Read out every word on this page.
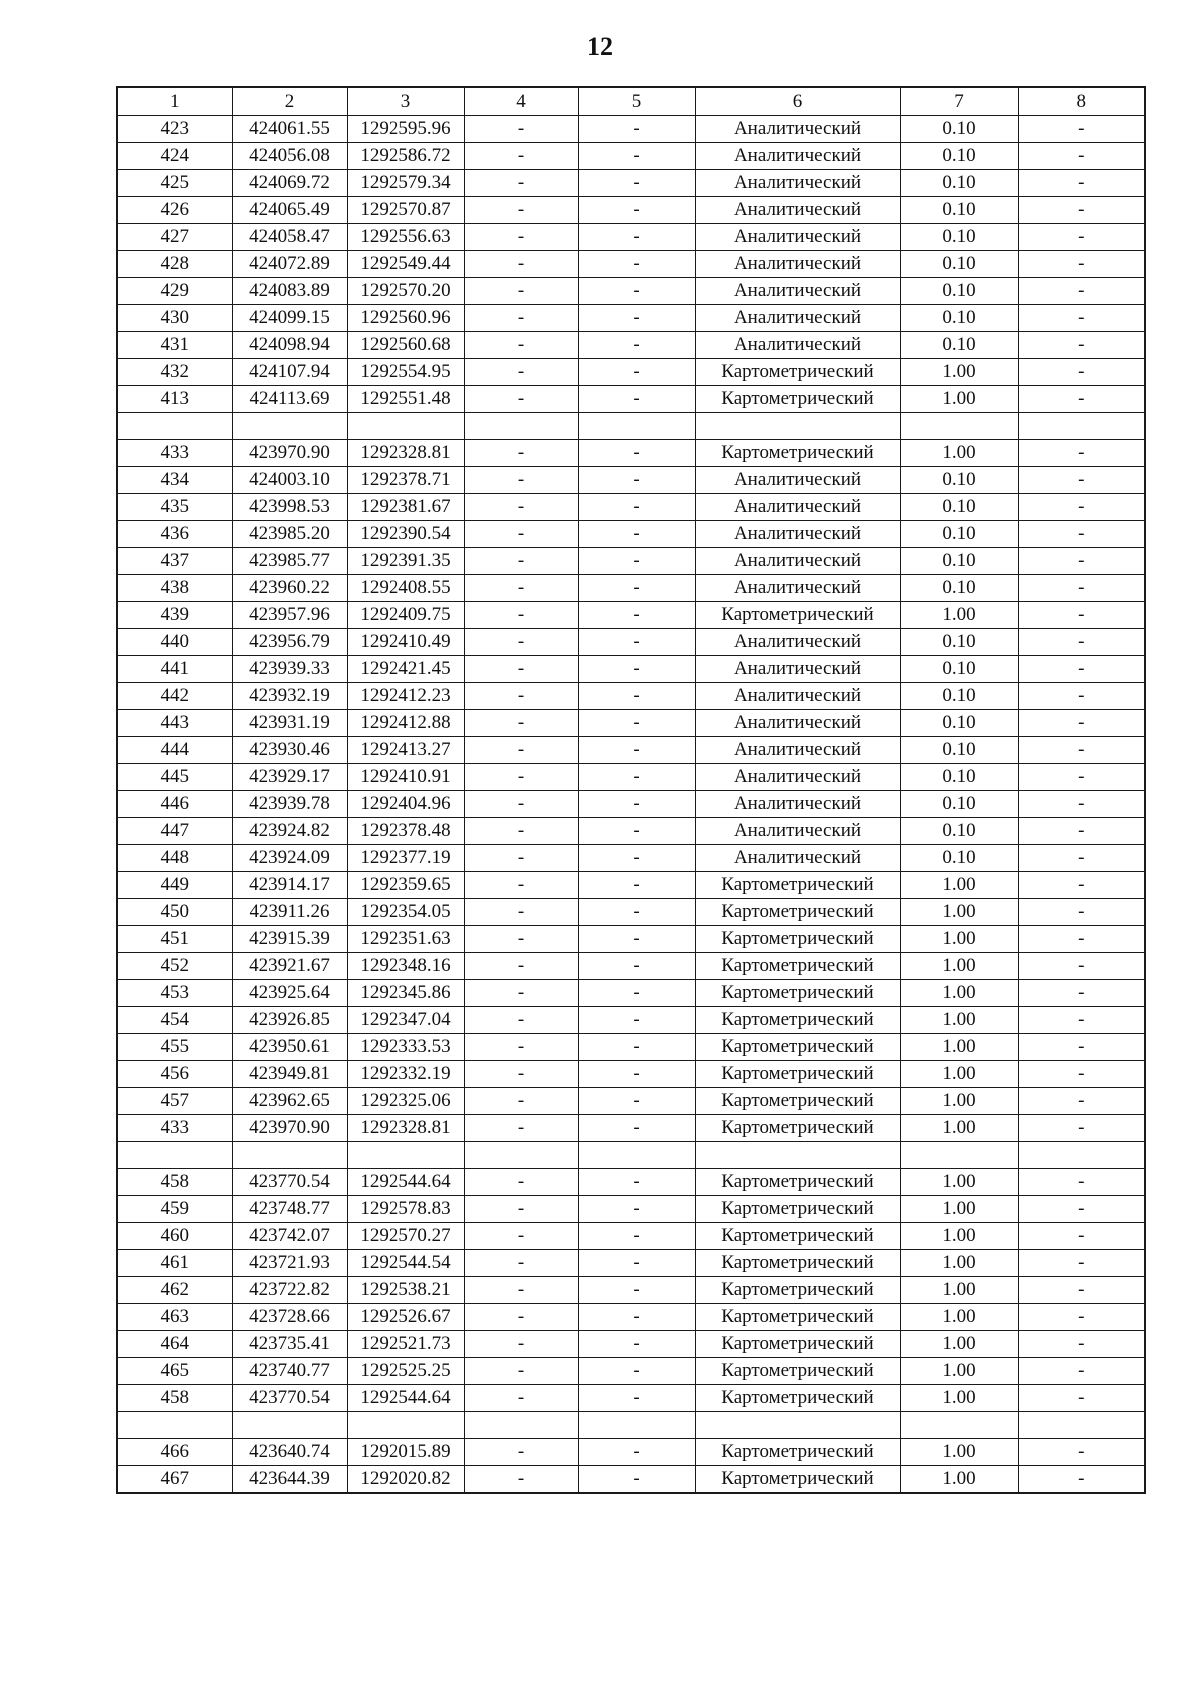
12
1	2	3	4	5	6	7	8
423	424061.55	1292595.96	-	-	Аналитический	0.10	-
424	424056.08	1292586.72	-	-	Аналитический	0.10	-
425	424069.72	1292579.34	-	-	Аналитический	0.10	-
426	424065.49	1292570.87	-	-	Аналитический	0.10	-
427	424058.47	1292556.63	-	-	Аналитический	0.10	-
428	424072.89	1292549.44	-	-	Аналитический	0.10	-
429	424083.89	1292570.20	-	-	Аналитический	0.10	-
430	424099.15	1292560.96	-	-	Аналитический	0.10	-
431	424098.94	1292560.68	-	-	Аналитический	0.10	-
432	424107.94	1292554.95	-	-	Картометрический	1.00	-
413	424113.69	1292551.48	-	-	Картометрический	1.00	-

433	423970.90	1292328.81	-	-	Картометрический	1.00	-
434	424003.10	1292378.71	-	-	Аналитический	0.10	-
435	423998.53	1292381.67	-	-	Аналитический	0.10	-
436	423985.20	1292390.54	-	-	Аналитический	0.10	-
437	423985.77	1292391.35	-	-	Аналитический	0.10	-
438	423960.22	1292408.55	-	-	Аналитический	0.10	-
439	423957.96	1292409.75	-	-	Картометрический	1.00	-
440	423956.79	1292410.49	-	-	Аналитический	0.10	-
441	423939.33	1292421.45	-	-	Аналитический	0.10	-
442	423932.19	1292412.23	-	-	Аналитический	0.10	-
443	423931.19	1292412.88	-	-	Аналитический	0.10	-
444	423930.46	1292413.27	-	-	Аналитический	0.10	-
445	423929.17	1292410.91	-	-	Аналитический	0.10	-
446	423939.78	1292404.96	-	-	Аналитический	0.10	-
447	423924.82	1292378.48	-	-	Аналитический	0.10	-
448	423924.09	1292377.19	-	-	Аналитический	0.10	-
449	423914.17	1292359.65	-	-	Картометрический	1.00	-
450	423911.26	1292354.05	-	-	Картометрический	1.00	-
451	423915.39	1292351.63	-	-	Картометрический	1.00	-
452	423921.67	1292348.16	-	-	Картометрический	1.00	-
453	423925.64	1292345.86	-	-	Картометрический	1.00	-
454	423926.85	1292347.04	-	-	Картометрический	1.00	-
455	423950.61	1292333.53	-	-	Картометрический	1.00	-
456	423949.81	1292332.19	-	-	Картометрический	1.00	-
457	423962.65	1292325.06	-	-	Картометрический	1.00	-
433	423970.90	1292328.81	-	-	Картометрический	1.00	-

458	423770.54	1292544.64	-	-	Картометрический	1.00	-
459	423748.77	1292578.83	-	-	Картометрический	1.00	-
460	423742.07	1292570.27	-	-	Картометрический	1.00	-
461	423721.93	1292544.54	-	-	Картометрический	1.00	-
462	423722.82	1292538.21	-	-	Картометрический	1.00	-
463	423728.66	1292526.67	-	-	Картометрический	1.00	-
464	423735.41	1292521.73	-	-	Картометрический	1.00	-
465	423740.77	1292525.25	-	-	Картометрический	1.00	-
458	423770.54	1292544.64	-	-	Картометрический	1.00	-

466	423640.74	1292015.89	-	-	Картометрический	1.00	-
467	423644.39	1292020.82	-	-	Картометрический	1.00	-
